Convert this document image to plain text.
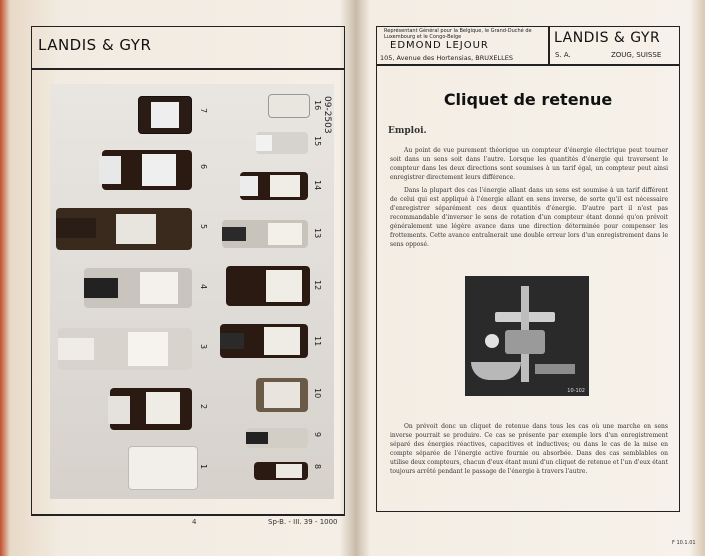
LANDIS & GYR
7
6
5
4
3
2
1
16
15
14
13
12
11
10
9
8
09-2503
4	Sp-B. - III. 39 - 1000
Représentant Général pour la Belgique, le Grand-Duché de Luxembourg et le Congo-Belge
EDMOND LEJOUR
105, Avenue des Hortensias, BRUXELLES
LANDIS & GYR
S. A.	ZOUG, SUISSE
Cliquet de retenue
Emploi.
Au point de vue purement théorique un compteur d'énergie électrique peut tourner soit dans un sens soit dans l'autre. Lorsque les quantités d'énergie qui traversent le compteur dans les deux directions sont soumises à un tarif égal, un compteur peut ainsi enregistrer directement leurs différence.
Dans la plupart des cas l'énergie allant dans un sens est soumise à un tarif différent de celui qui est appliqué à l'énergie allant en sens inverse, de sorte qu'il est nécessaire d'enregistrer séparément ces deux quantités d'énergie. D'autre part il n'est pas recommandable d'inverser le sens de rotation d'un compteur étant donné qu'on prévoit généralement une légère avance dans une direction déterminée pour compenser les frottements. Cette avance entraînerait une double erreur lors d'un enregistrement dans le sens opposé.
10-102
On prévoit donc un cliquet de retenue dans tous les cas où une marche en sens inverse pourrait se produire. Ce cas se présente par exemple lors d'un enregistrement séparé des énergies réactives, capacitives et inductives; ou dans le cas de la mise en compte séparée de l'énergie active fournie ou absorbée. Dans des cas semblables on utilise deux compteurs, chacun d'eux étant muni d'un cliquet de retenue et l'un d'eux étant toujours arrêté pendant le passage de l'énergie à travers l'autre.
F 10.1.01
